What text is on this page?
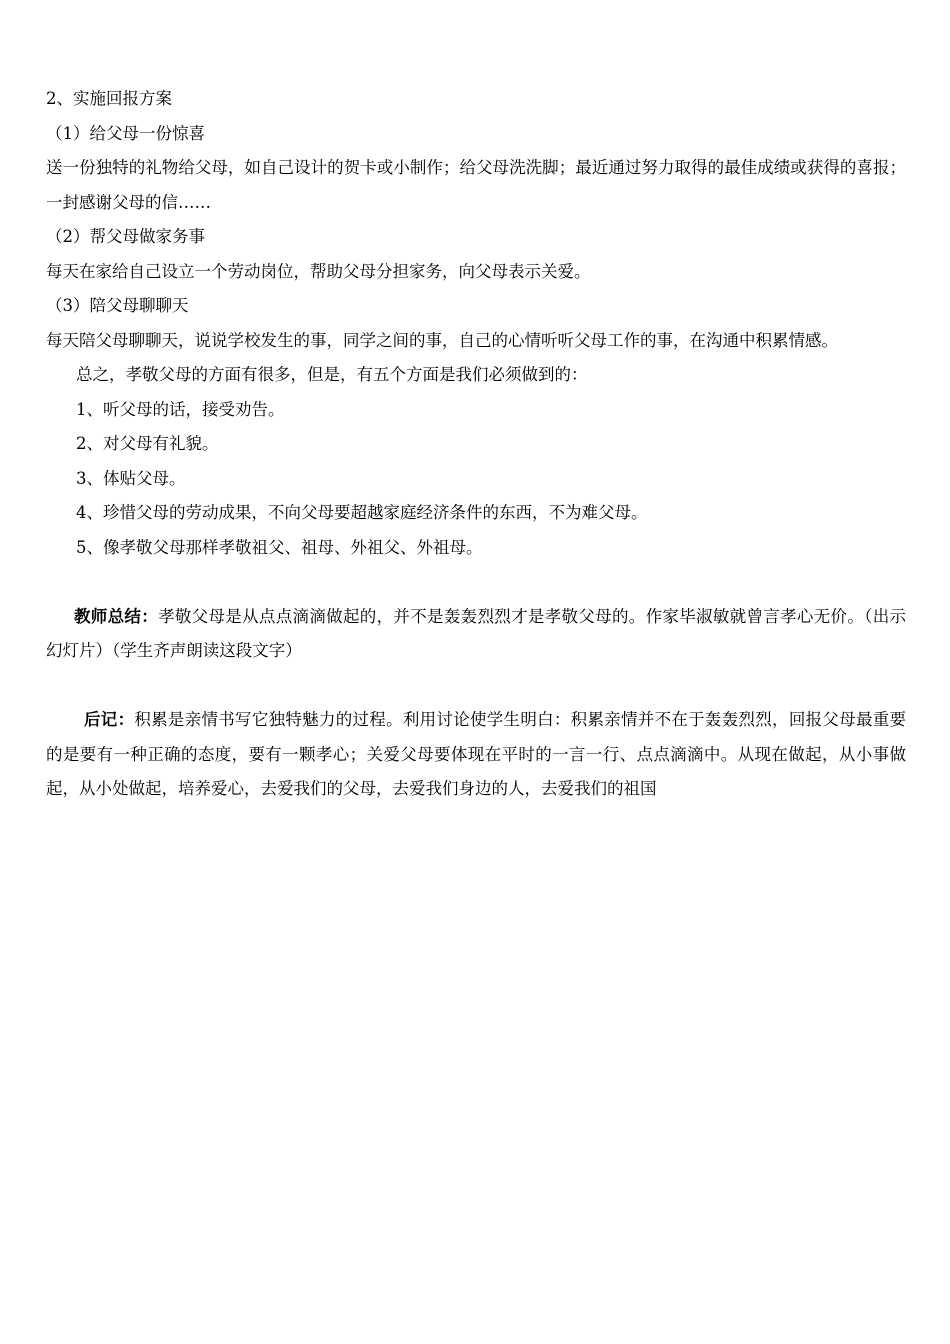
2、实施回报方案
（1）给父母一份惊喜

送一份独特的礼物给父母，如自己设计的贺卡或小制作；给父母洗洗脚；最近通过努力取得的最佳成绩或获得的喜报；一封感谢父母的信……

（2）帮父母做家务事

每天在家给自己设立一个劳动岗位，帮助父母分担家务，向父母表示关爱。

（3）陪父母聊聊天

每天陪父母聊聊天，说说学校发生的事，同学之间的事，自己的心情听听父母工作的事，在沟通中积累情感。

总之，孝敬父母的方面有很多，但是，有五个方面是我们必须做到的：
1、听父母的话，接受劝告。
2、对父母有礼貌。
3、体贴父母。
4、珍惜父母的劳动成果，不向父母要超越家庭经济条件的东西，不为难父母。
5、像孝敬父母那样孝敬祖父、祖母、外祖父、外祖母。

教师总结：孝敬父母是从点点滴滴做起的，并不是轰轰烈烈才是孝敬父母的。作家毕淑敏就曾言孝心无价。（出示幻灯片）（学生齐声朗读这段文字）

后记：积累是亲情书写它独特魅力的过程。利用讨论使学生明白：积累亲情并不在于轰轰烈烈，回报父母最重要的是要有一种正确的态度，要有一颗孝心；关爱父母要体现在平时的一言一行、点点滴滴中。从现在做起，从小事做起，从小处做起，培养爱心，去爱我们的父母，去爱我们身边的人，去爱我们的祖国
